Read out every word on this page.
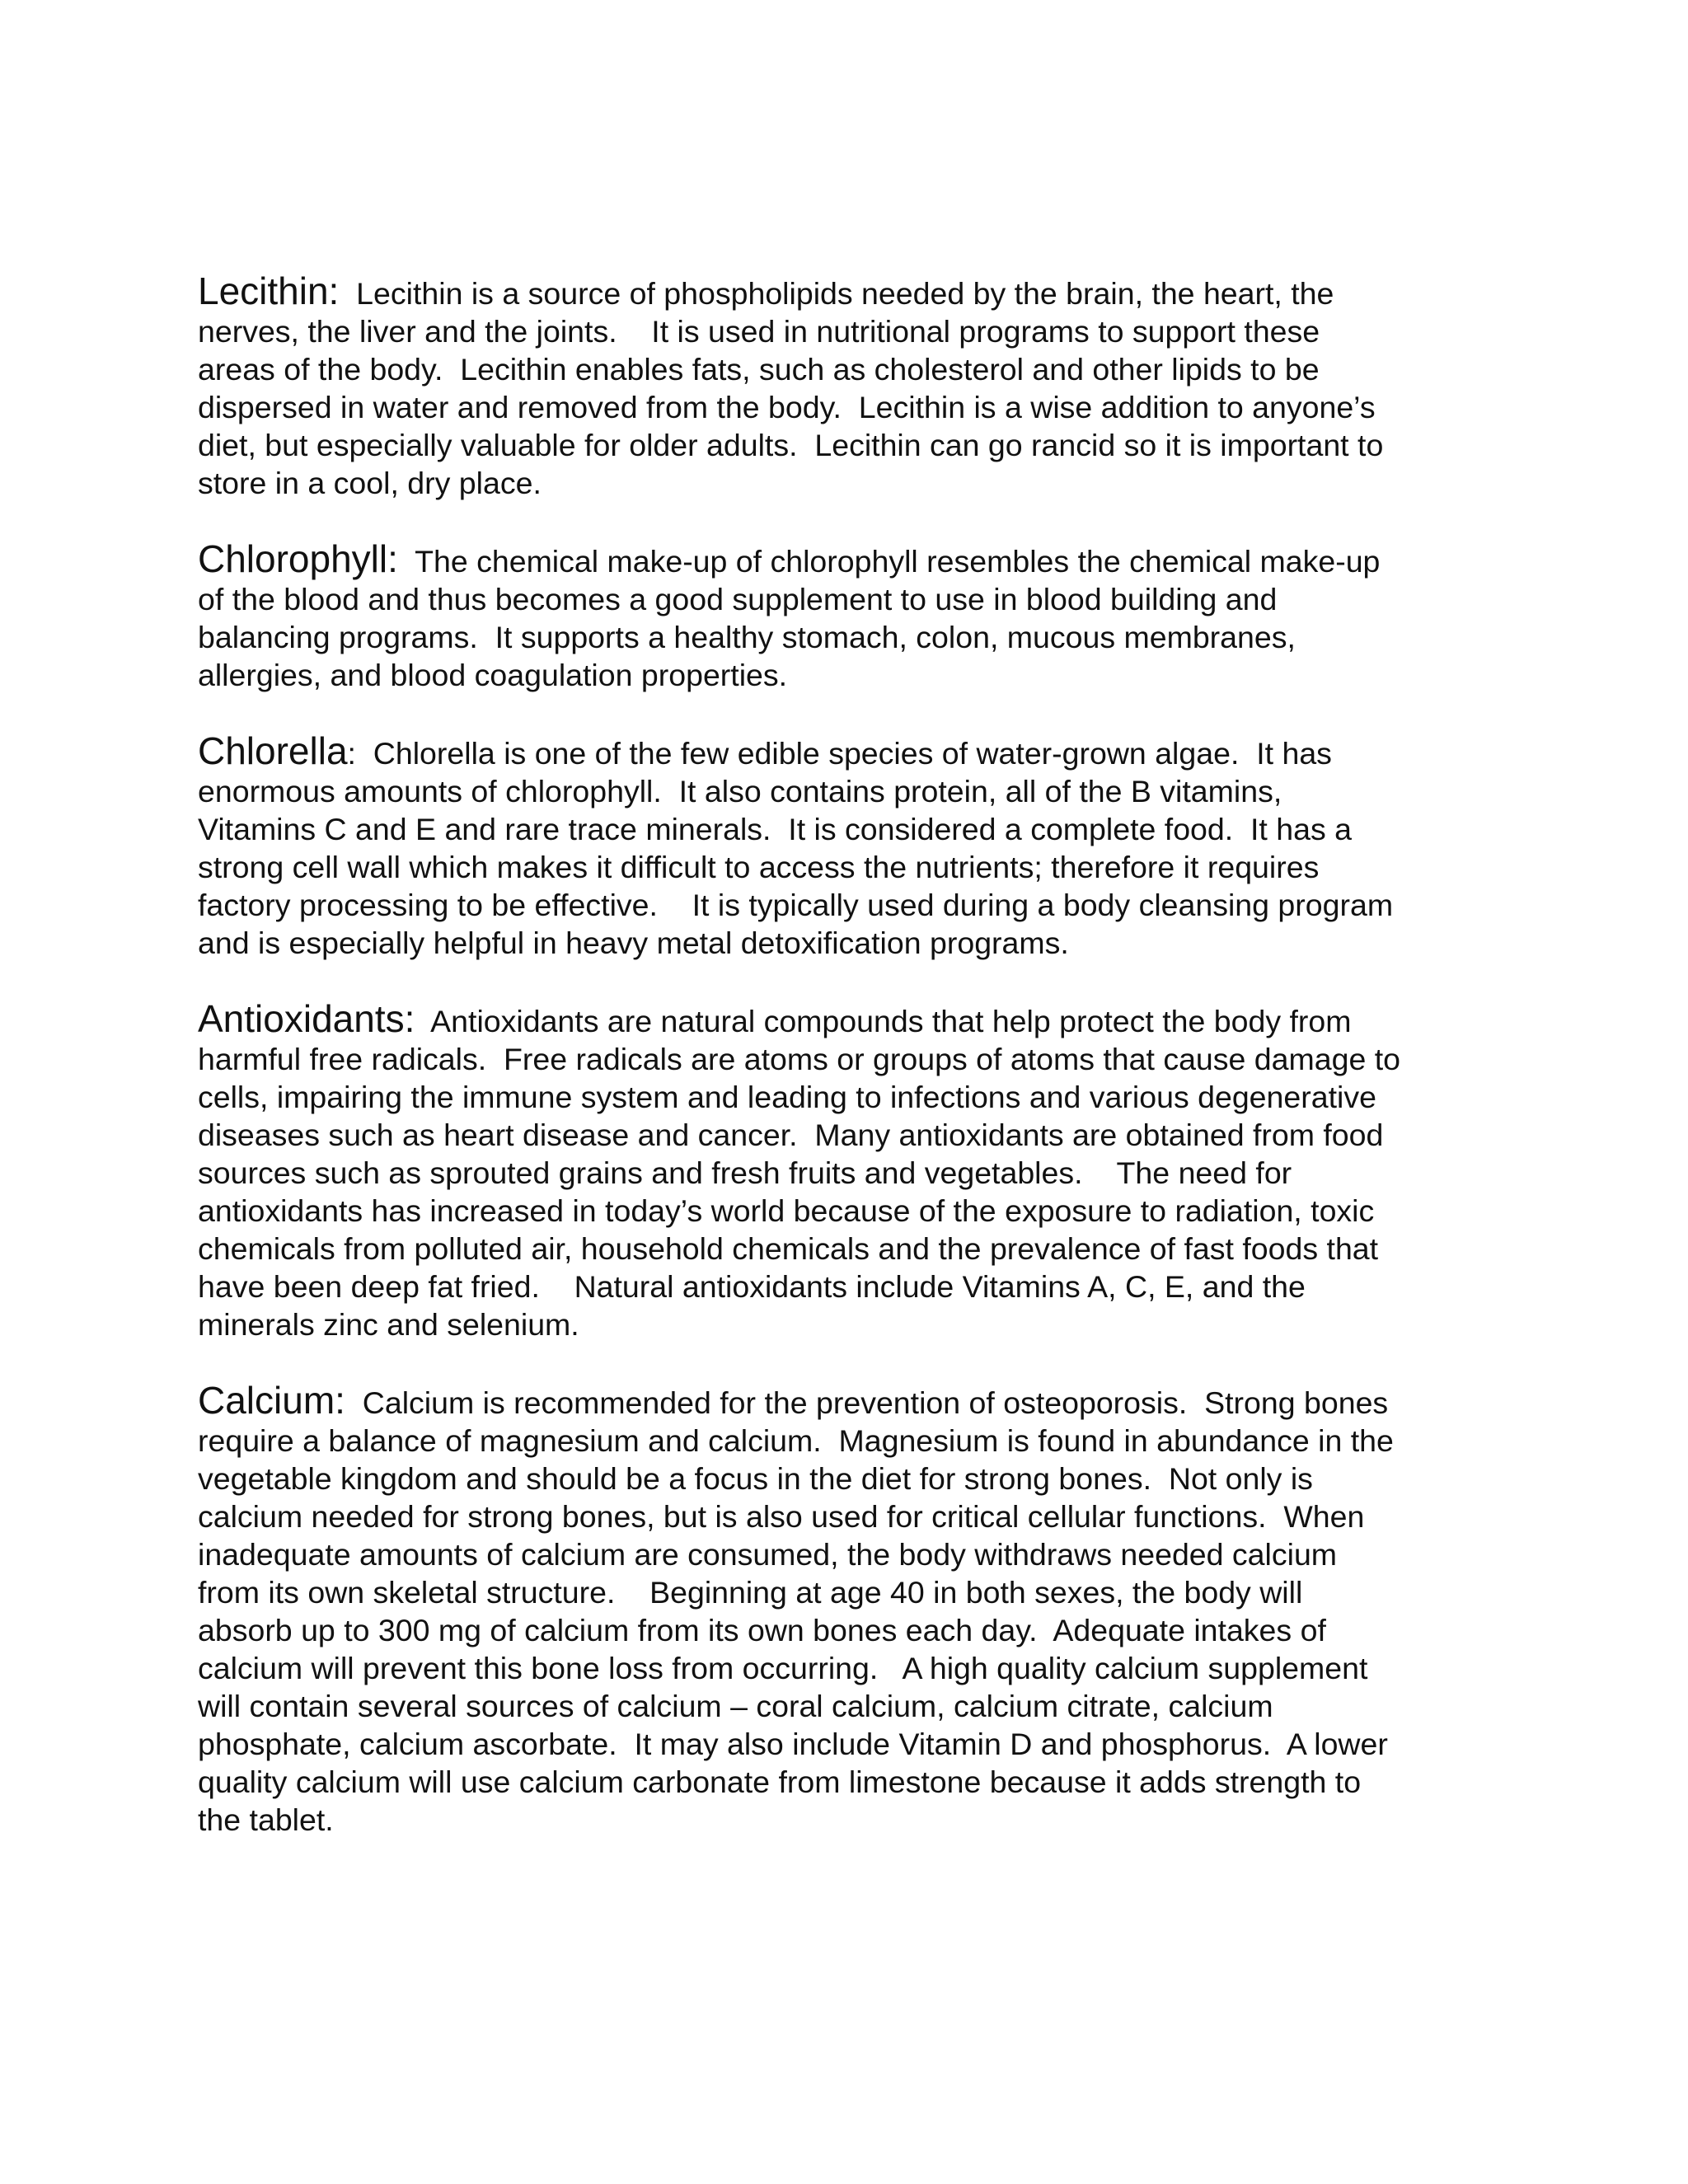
Lecithin:  Lecithin is a source of phospholipids needed by the brain, the heart, the
nerves, the liver and the joints.    It is used in nutritional programs to support these
areas of the body.  Lecithin enables fats, such as cholesterol and other lipids to be
dispersed in water and removed from the body.  Lecithin is a wise addition to anyone’s
diet, but especially valuable for older adults.  Lecithin can go rancid so it is important to
store in a cool, dry place.

Chlorophyll:  The chemical make-up of chlorophyll resembles the chemical make-up
of the blood and thus becomes a good supplement to use in blood building and
balancing programs.  It supports a healthy stomach, colon, mucous membranes,
allergies, and blood coagulation properties.

Chlorella:  Chlorella is one of the few edible species of water-grown algae.  It has
enormous amounts of chlorophyll.  It also contains protein, all of the B vitamins,
Vitamins C and E and rare trace minerals.  It is considered a complete food.  It has a
strong cell wall which makes it difficult to access the nutrients; therefore it requires
factory processing to be effective.    It is typically used during a body cleansing program
and is especially helpful in heavy metal detoxification programs.

Antioxidants:  Antioxidants are natural compounds that help protect the body from
harmful free radicals.  Free radicals are atoms or groups of atoms that cause damage to
cells, impairing the immune system and leading to infections and various degenerative
diseases such as heart disease and cancer.  Many antioxidants are obtained from food
sources such as sprouted grains and fresh fruits and vegetables.    The need for
antioxidants has increased in today’s world because of the exposure to radiation, toxic
chemicals from polluted air, household chemicals and the prevalence of fast foods that
have been deep fat fried.    Natural antioxidants include Vitamins A, C, E, and the
minerals zinc and selenium.

Calcium:  Calcium is recommended for the prevention of osteoporosis.  Strong bones
require a balance of magnesium and calcium.  Magnesium is found in abundance in the
vegetable kingdom and should be a focus in the diet for strong bones.  Not only is
calcium needed for strong bones, but is also used for critical cellular functions.  When
inadequate amounts of calcium are consumed, the body withdraws needed calcium
from its own skeletal structure.    Beginning at age 40 in both sexes, the body will
absorb up to 300 mg of calcium from its own bones each day.  Adequate intakes of
calcium will prevent this bone loss from occurring.   A high quality calcium supplement
will contain several sources of calcium – coral calcium, calcium citrate, calcium
phosphate, calcium ascorbate.  It may also include Vitamin D and phosphorus.  A lower
quality calcium will use calcium carbonate from limestone because it adds strength to
the tablet.
